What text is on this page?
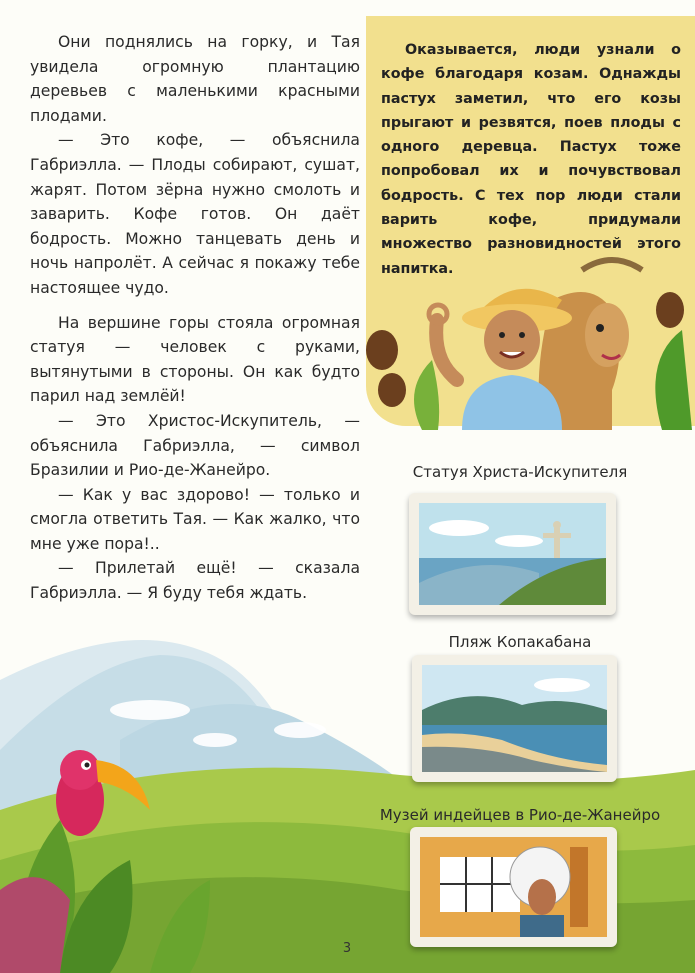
Оказывается, люди узнали о кофе благодаря козам. Однажды пастух заметил, что его козы прыгают и резвятся, поев плоды с одного деревца. Пастух тоже попробовал их и почувствовал бодрость. С тех пор люди стали варить кофе, придумали множество разновидностей этого напитка.

Они поднялись на горку, и Тая увидела огромную плантацию деревьев с маленькими красными плодами.

— Это кофе, — объяснила Габриэлла. — Плоды собирают, сушат, жарят. Потом зёрна нужно смолоть и заварить. Кофе готов. Он даёт бодрость. Можно танцевать день и ночь напролёт. А сейчас я покажу тебе настоящее чудо.

На вершине горы стояла огромная статуя — человек с руками, вытянутыми в стороны. Он как будто парил над землёй!

— Это Христос-Искупитель, — объяснила Габриэлла, — символ Бразилии и Рио-де-Жанейро.

— Как у вас здорово! — только и смогла ответить Тая. — Как жалко, что мне уже пора!..

— Прилетай ещё! — сказала Габриэлла. — Я буду тебя ждать.

Статуя Христа-Искупителя
Пляж Копакабана
Музей индейцев в Рио-де-Жанейро
3
